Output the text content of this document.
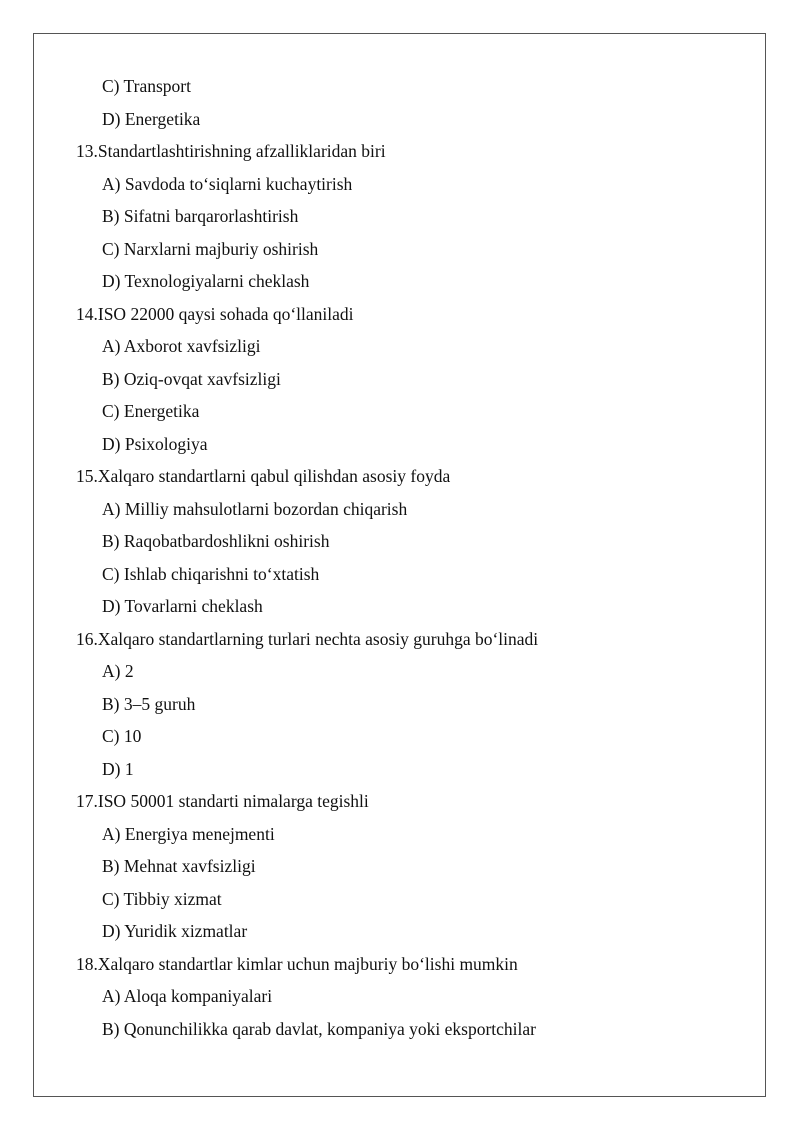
C) Transport
D) Energetika
13.Standartlashtirishning afzalliklaridan biri
A) Savdoda to‘siqlarni kuchaytirish
B) Sifatni barqarorlashtirish
C) Narxlarni majburiy oshirish
D) Texnologiyalarni cheklash
14.ISO 22000 qaysi sohada qo‘llaniladi
A) Axborot xavfsizligi
B) Oziq-ovqat xavfsizligi
C) Energetika
D) Psixologiya
15.Xalqaro standartlarni qabul qilishdan asosiy foyda
A) Milliy mahsulotlarni bozordan chiqarish
B) Raqobatbardoshlikni oshirish
C) Ishlab chiqarishni to‘xtatish
D) Tovarlarni cheklash
16.Xalqaro standartlarning turlari nechta asosiy guruhga bo‘linadi
A) 2
B) 3–5 guruh
C) 10
D) 1
17.ISO 50001 standarti nimalarga tegishli
A) Energiya menejmenti
B) Mehnat xavfsizligi
C) Tibbiy xizmat
D) Yuridik xizmatlar
18.Xalqaro standartlar kimlar uchun majburiy bo‘lishi mumkin
A) Aloqa kompaniyalari
B) Qonunchilikka qarab davlat, kompaniya yoki eksportchilar
